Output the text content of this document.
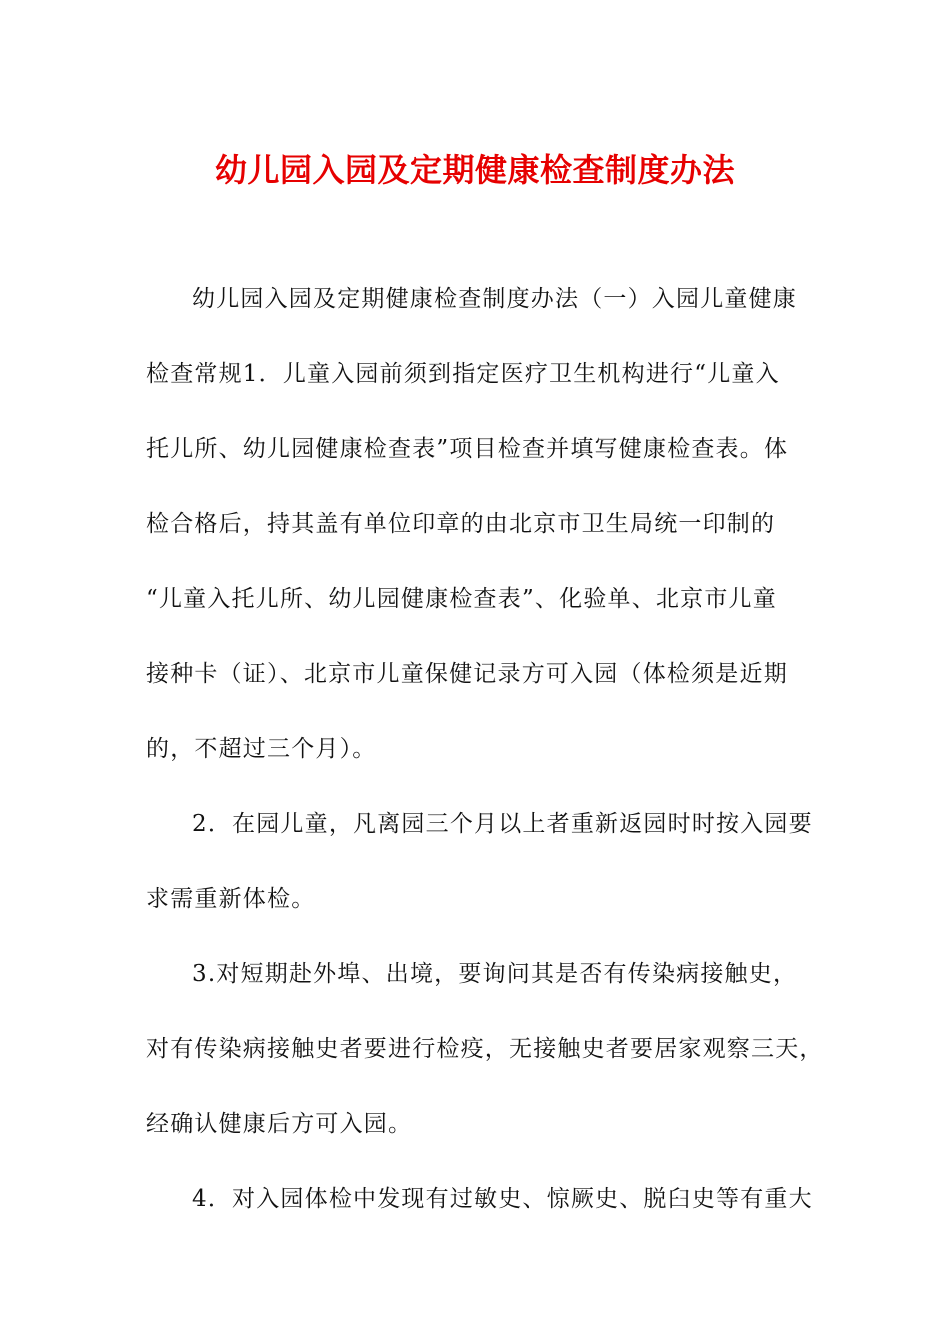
幼儿园入园及定期健康检查制度办法

幼儿园入园及定期健康检查制度办法（一）入园儿童健康
检查常规1．儿童入园前须到指定医疗卫生机构进行“儿童入
托儿所、幼儿园健康检查表”项目检查并填写健康检查表。体
检合格后，持其盖有单位印章的由北京市卫生局统一印制的
“儿童入托儿所、幼儿园健康检查表”、化验单、北京市儿童
接种卡（证）、北京市儿童保健记录方可入园（体检须是近期
的，不超过三个月）。

2．在园儿童，凡离园三个月以上者重新返园时时按入园要
求需重新体检。

3.对短期赴外埠、出境，要询问其是否有传染病接触史，
对有传染病接触史者要进行检疫，无接触史者要居家观察三天，
经确认健康后方可入园。

4．对入园体检中发现有过敏史、惊厥史、脱臼史等有重大
